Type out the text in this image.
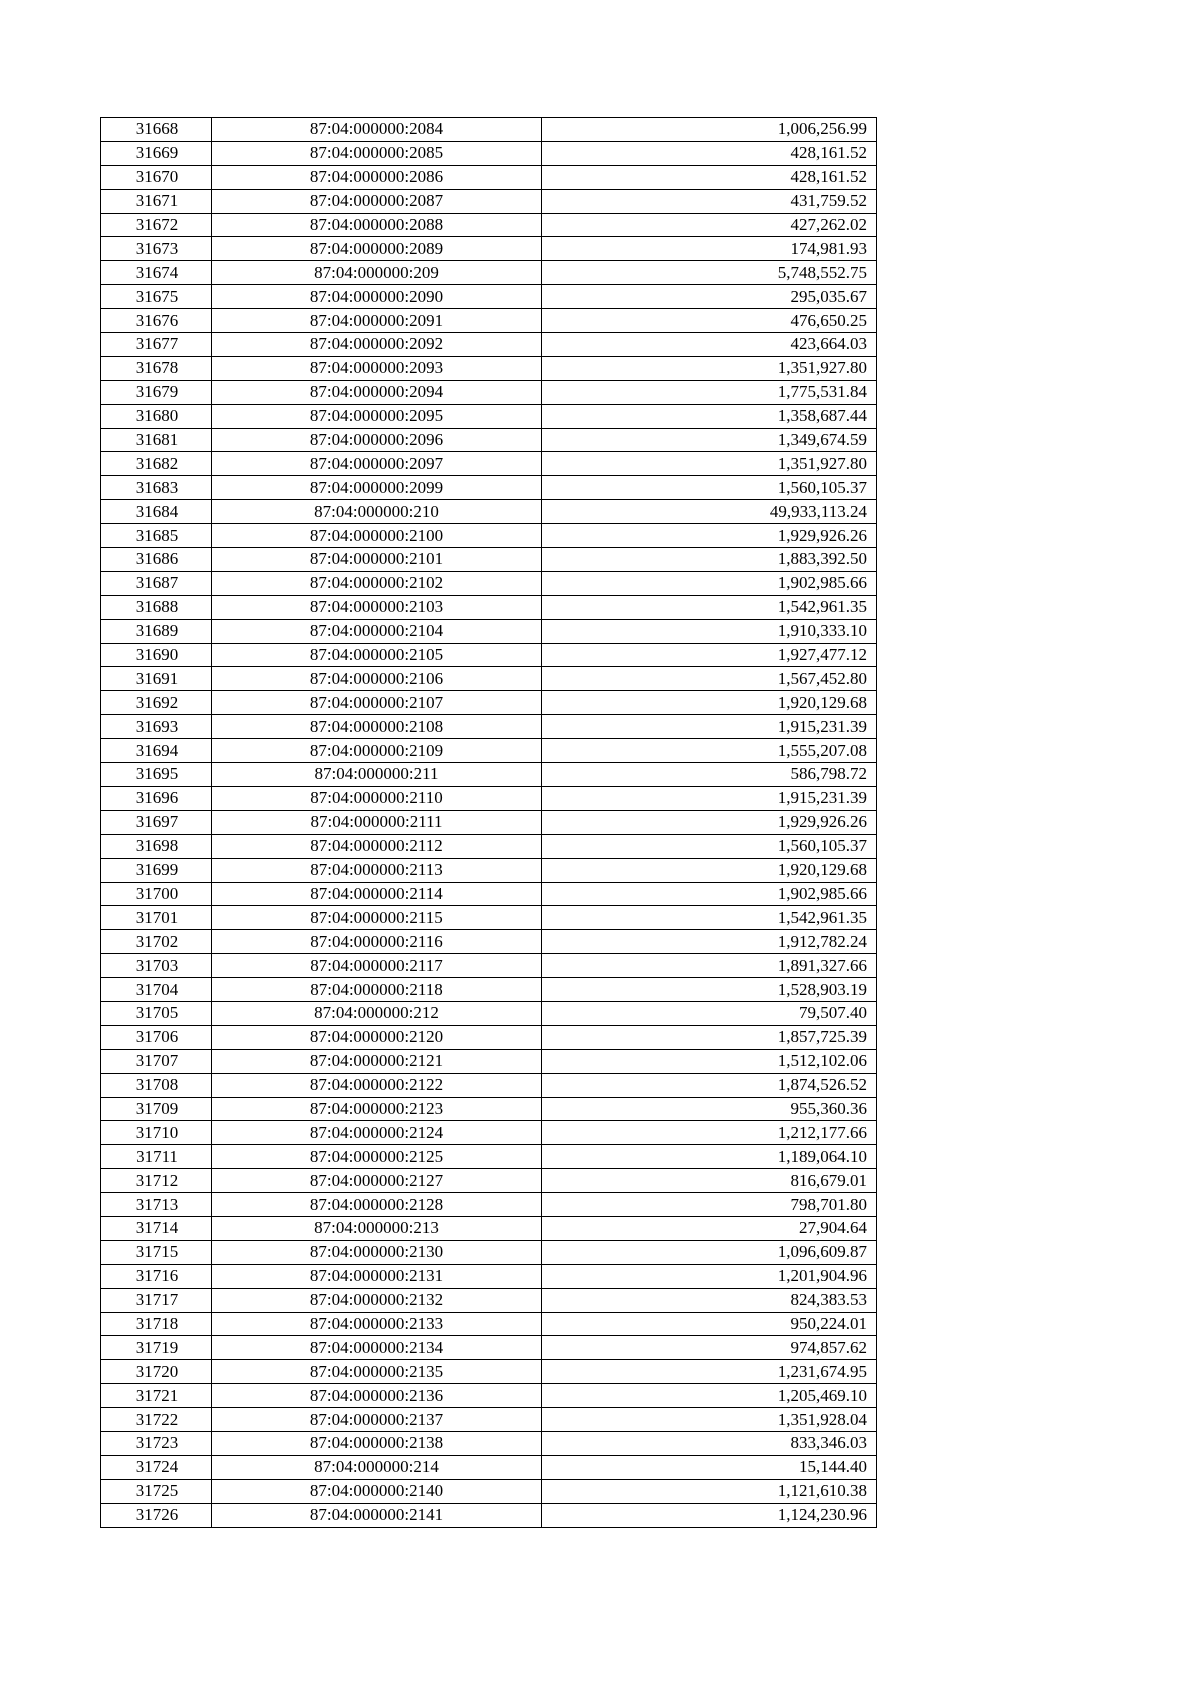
31668	87:04:000000:2084	1,006,256.99
31669	87:04:000000:2085	428,161.52
31670	87:04:000000:2086	428,161.52
31671	87:04:000000:2087	431,759.52
31672	87:04:000000:2088	427,262.02
31673	87:04:000000:2089	174,981.93
31674	87:04:000000:209	5,748,552.75
31675	87:04:000000:2090	295,035.67
31676	87:04:000000:2091	476,650.25
31677	87:04:000000:2092	423,664.03
31678	87:04:000000:2093	1,351,927.80
31679	87:04:000000:2094	1,775,531.84
31680	87:04:000000:2095	1,358,687.44
31681	87:04:000000:2096	1,349,674.59
31682	87:04:000000:2097	1,351,927.80
31683	87:04:000000:2099	1,560,105.37
31684	87:04:000000:210	49,933,113.24
31685	87:04:000000:2100	1,929,926.26
31686	87:04:000000:2101	1,883,392.50
31687	87:04:000000:2102	1,902,985.66
31688	87:04:000000:2103	1,542,961.35
31689	87:04:000000:2104	1,910,333.10
31690	87:04:000000:2105	1,927,477.12
31691	87:04:000000:2106	1,567,452.80
31692	87:04:000000:2107	1,920,129.68
31693	87:04:000000:2108	1,915,231.39
31694	87:04:000000:2109	1,555,207.08
31695	87:04:000000:211	586,798.72
31696	87:04:000000:2110	1,915,231.39
31697	87:04:000000:2111	1,929,926.26
31698	87:04:000000:2112	1,560,105.37
31699	87:04:000000:2113	1,920,129.68
31700	87:04:000000:2114	1,902,985.66
31701	87:04:000000:2115	1,542,961.35
31702	87:04:000000:2116	1,912,782.24
31703	87:04:000000:2117	1,891,327.66
31704	87:04:000000:2118	1,528,903.19
31705	87:04:000000:212	79,507.40
31706	87:04:000000:2120	1,857,725.39
31707	87:04:000000:2121	1,512,102.06
31708	87:04:000000:2122	1,874,526.52
31709	87:04:000000:2123	955,360.36
31710	87:04:000000:2124	1,212,177.66
31711	87:04:000000:2125	1,189,064.10
31712	87:04:000000:2127	816,679.01
31713	87:04:000000:2128	798,701.80
31714	87:04:000000:213	27,904.64
31715	87:04:000000:2130	1,096,609.87
31716	87:04:000000:2131	1,201,904.96
31717	87:04:000000:2132	824,383.53
31718	87:04:000000:2133	950,224.01
31719	87:04:000000:2134	974,857.62
31720	87:04:000000:2135	1,231,674.95
31721	87:04:000000:2136	1,205,469.10
31722	87:04:000000:2137	1,351,928.04
31723	87:04:000000:2138	833,346.03
31724	87:04:000000:214	15,144.40
31725	87:04:000000:2140	1,121,610.38
31726	87:04:000000:2141	1,124,230.96
